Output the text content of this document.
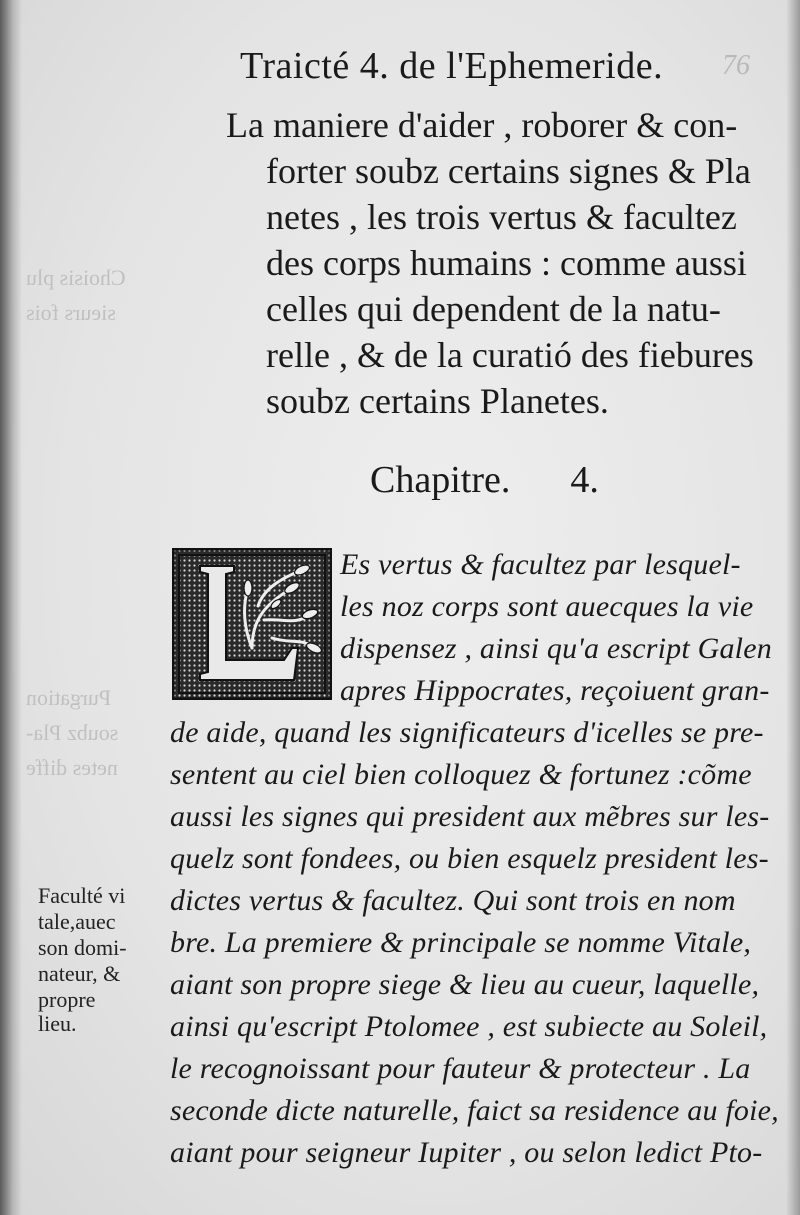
Choisis plu
sieurs fois
Purgation
soubz Pla-
netes diffe
76
Traicté 4. de l'Ephemeride.
La maniere d'aider , roborer & con-
forter soubz certains signes & Pla
netes , les trois vertus & facultez
des corps humains : comme aussi
celles qui dependent de la natu-
relle , & de la curatió des fiebures
soubz certains Planetes.
Chapitre. 4.
Es vertus & facultez par lesquel-
les noz corps sont auecques la vie
dispensez , ainsi qu'a escript Galen
apres Hippocrates, reçoiuent gran-
de aide, quand les significateurs d'icelles se pre-
sentent au ciel bien colloquez & fortunez :cõme
aussi les signes qui president aux mẽbres sur les-
quelz sont fondees, ou bien esquelz president les-
dictes vertus & facultez. Qui sont trois en nom
bre. La premiere & principale se nomme Vitale,
aiant son propre siege & lieu au cueur, laquelle,
ainsi qu'escript Ptolomee , est subiecte au Soleil,
le recognoissant pour fauteur & protecteur . La
seconde dicte naturelle, faict sa residence au foie,
aiant pour seigneur Iupiter , ou selon ledict Pto-
Faculté vi
tale,auec
son domi-
nateur, &
propre
lieu.
